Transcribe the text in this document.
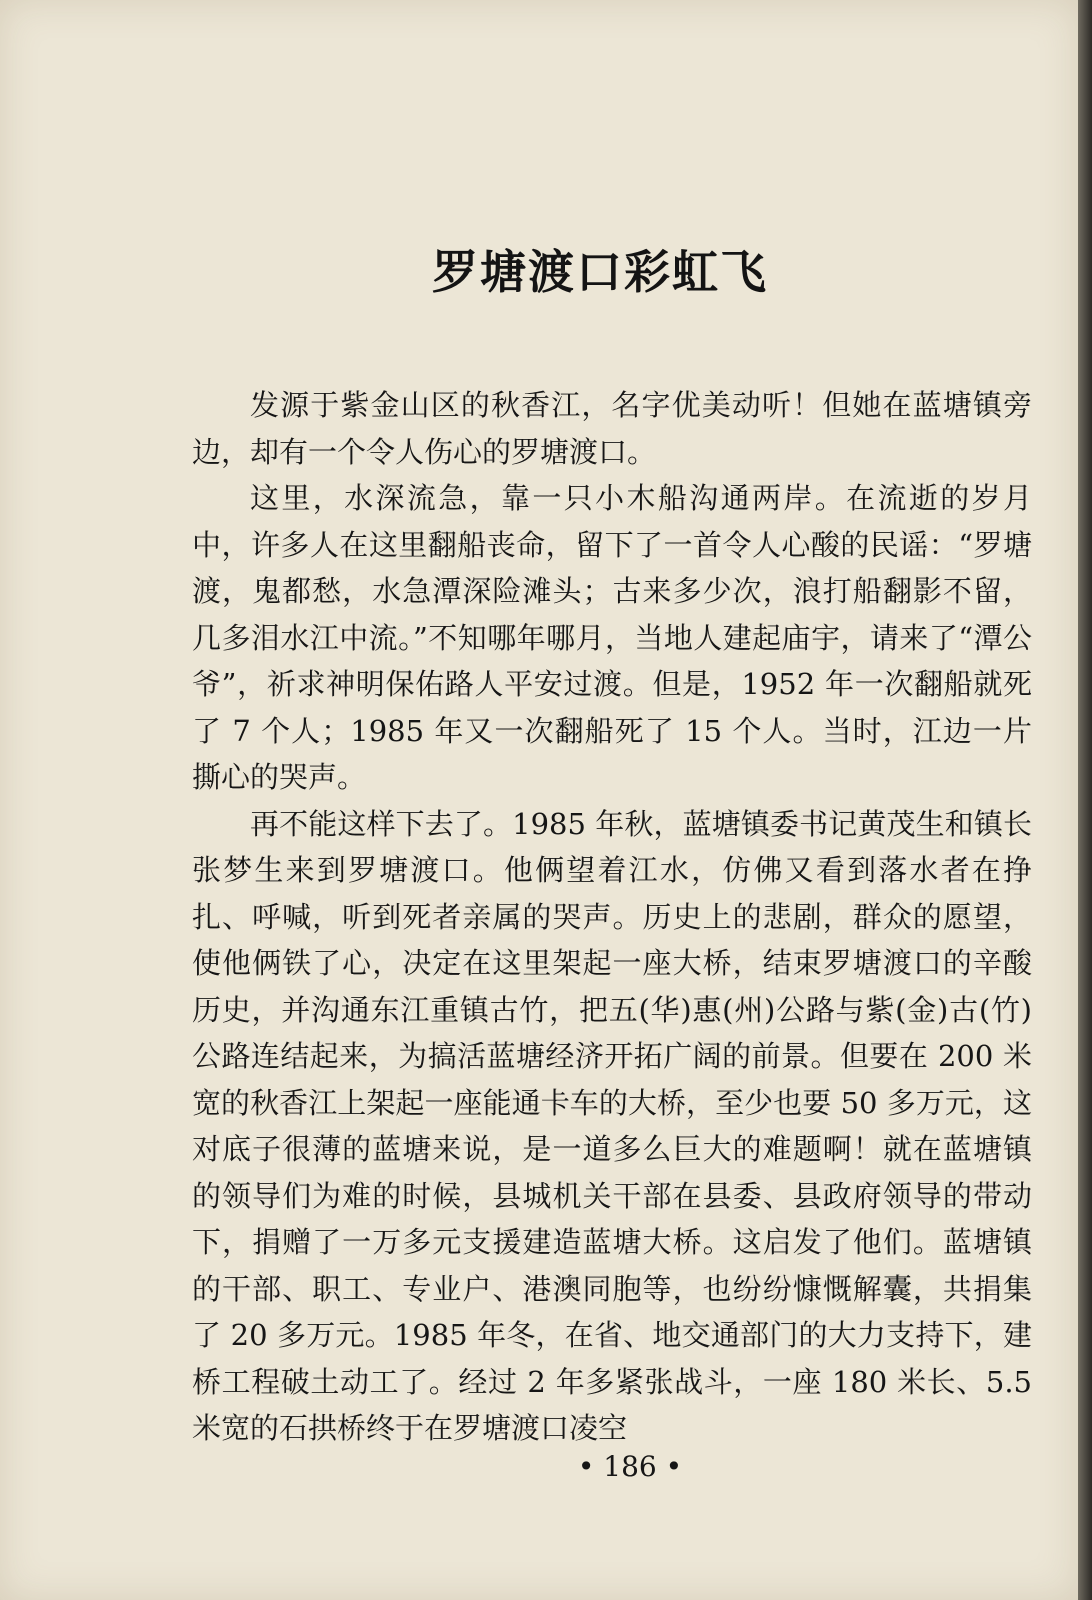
罗塘渡口彩虹飞

发源于紫金山区的秋香江，名字优美动听！但她在蓝塘镇旁边，却有一个令人伤心的罗塘渡口。

这里，水深流急，靠一只小木船沟通两岸。在流逝的岁月中，许多人在这里翻船丧命，留下了一首令人心酸的民谣：“罗塘渡，鬼都愁，水急潭深险滩头；古来多少次，浪打船翻影不留，几多泪水江中流。”不知哪年哪月，当地人建起庙宇，请来了“潭公爷”，祈求神明保佑路人平安过渡。但是，1952 年一次翻船就死了 7 个人；1985 年又一次翻船死了 15 个人。当时，江边一片撕心的哭声。

再不能这样下去了。1985 年秋，蓝塘镇委书记黄茂生和镇长张梦生来到罗塘渡口。他俩望着江水，仿佛又看到落水者在挣扎、呼喊，听到死者亲属的哭声。历史上的悲剧，群众的愿望，使他俩铁了心，决定在这里架起一座大桥，结束罗塘渡口的辛酸历史，并沟通东江重镇古竹，把五(华)惠(州)公路与紫(金)古(竹)公路连结起来，为搞活蓝塘经济开拓广阔的前景。但要在 200 米宽的秋香江上架起一座能通卡车的大桥，至少也要 50 多万元，这对底子很薄的蓝塘来说，是一道多么巨大的难题啊！就在蓝塘镇的领导们为难的时候，县城机关干部在县委、县政府领导的带动下，捐赠了一万多元支援建造蓝塘大桥。这启发了他们。蓝塘镇的干部、职工、专业户、港澳同胞等，也纷纷慷慨解囊，共捐集了 20 多万元。1985 年冬，在省、地交通部门的大力支持下，建桥工程破土动工了。经过 2 年多紧张战斗，一座 180 米长、5.5 米宽的石拱桥终于在罗塘渡口凌空

• 186 •
